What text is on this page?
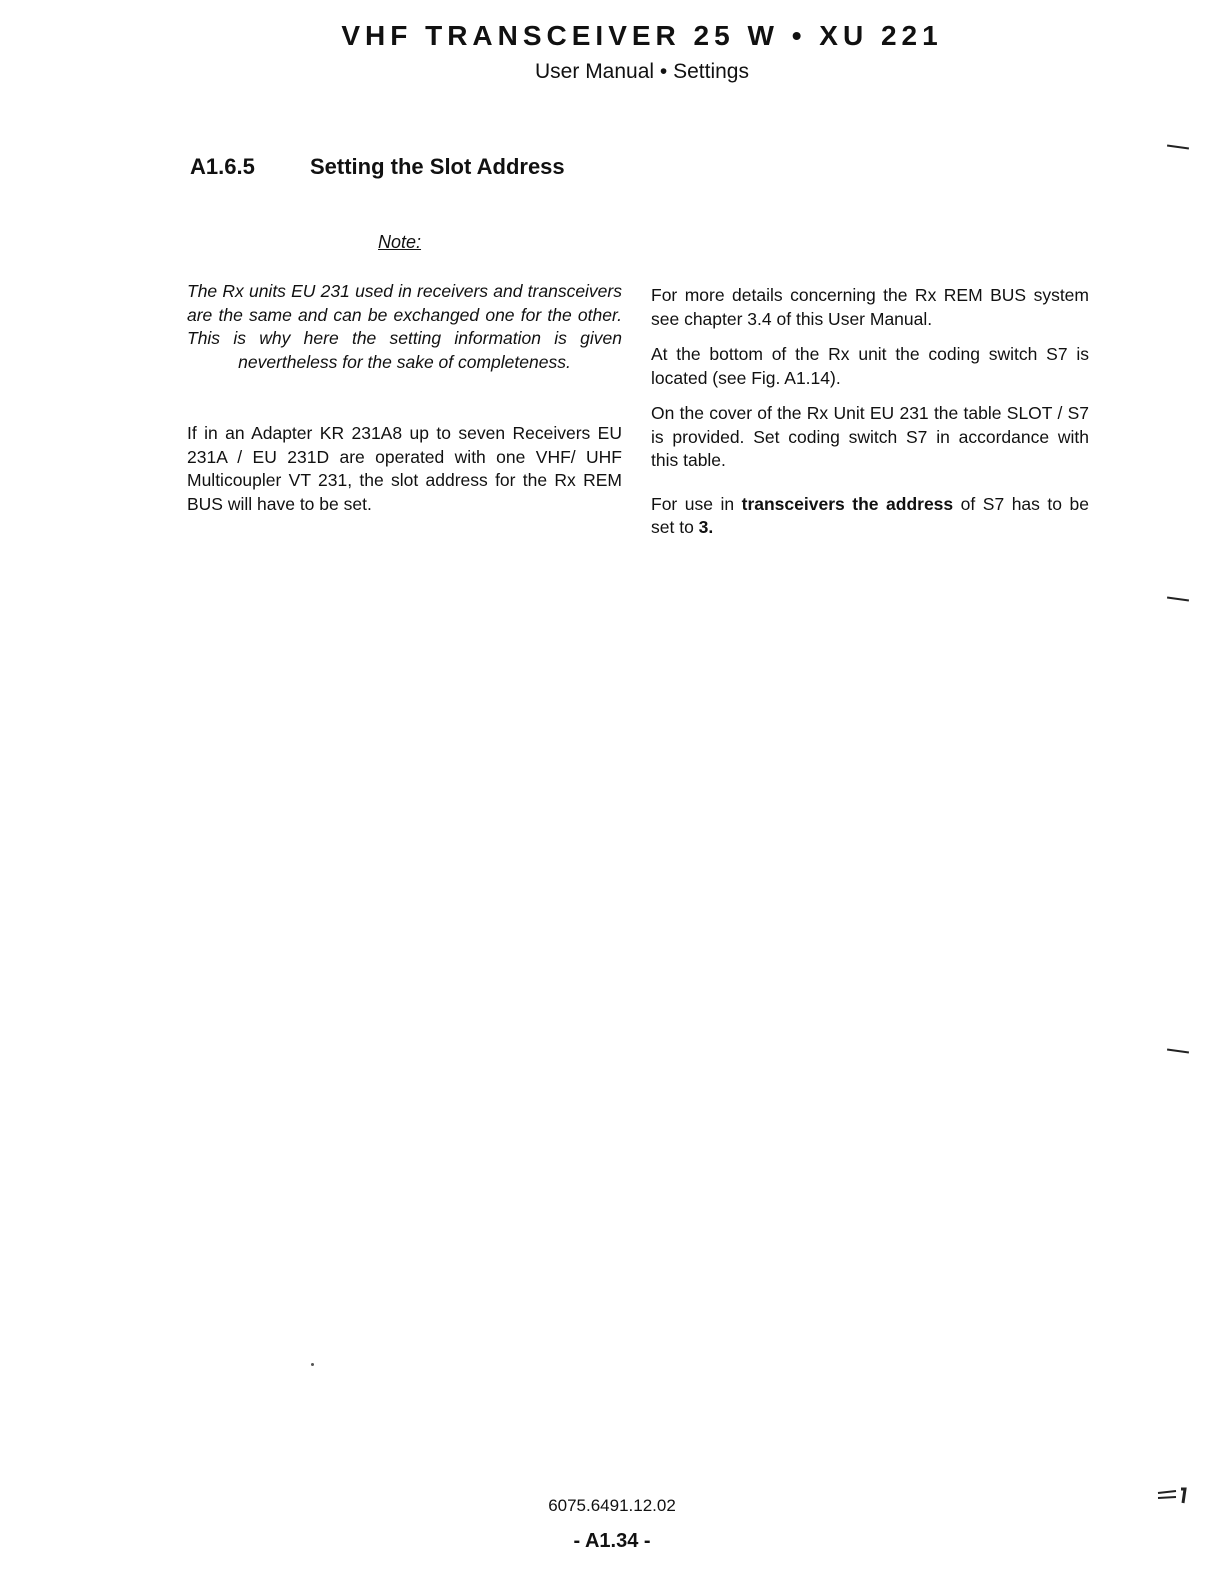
VHF TRANSCEIVER 25 W • XU 221
User Manual • Settings
A1.6.5	Setting the Slot Address
Note:

The Rx units EU 231 used in receivers and transceivers are the same and can be exchanged one for the other. This is why here the setting information is given nevertheless for the sake of completeness.

If in an Adapter KR 231A8 up to seven Receivers EU 231A / EU 231D are operated with one VHF/ UHF Multicoupler VT 231, the slot address for the Rx REM BUS will have to be set.

For more details concerning the Rx REM BUS system see chapter 3.4 of this User Manual.

At the bottom of the Rx unit the coding switch S7 is located (see Fig. A1.14).

On the cover of the Rx Unit EU 231 the table SLOT / S7 is provided. Set coding switch S7 in accordance with this table.

For use in transceivers the address of S7 has to be set to 3.

6075.6491.12.02
- A1.34 -
